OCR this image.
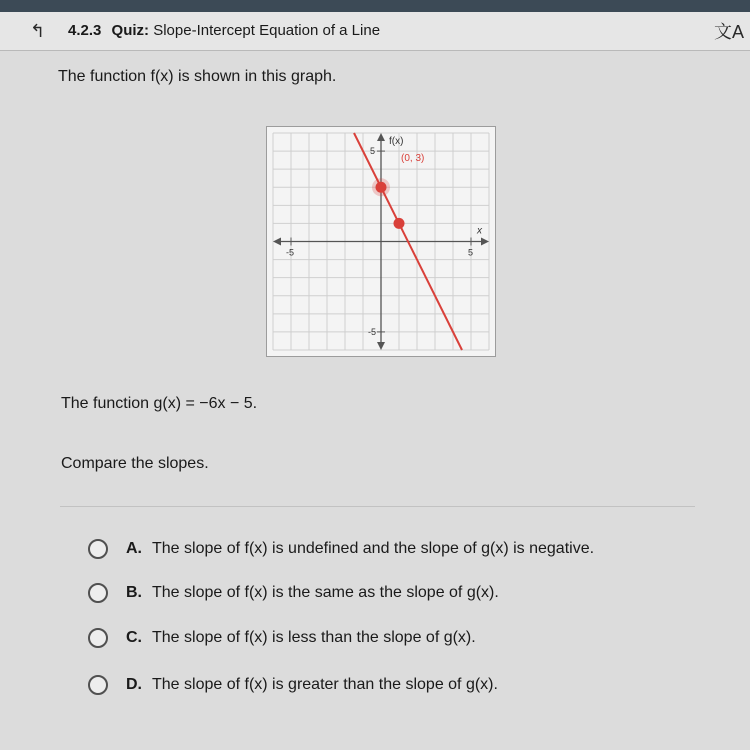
↰	4.2.3 Quiz: Slope-Intercept Equation of a Line	文A
The function f(x) is shown in this graph.
-5	5
-5
5
x
f(x)
(0, 3)
The function g(x) = −6x − 5.
Compare the slopes.
A. The slope of f(x) is undefined and the slope of g(x) is negative.
B. The slope of f(x) is the same as the slope of g(x).
C. The slope of f(x) is less than the slope of g(x).
D. The slope of f(x) is greater than the slope of g(x).
